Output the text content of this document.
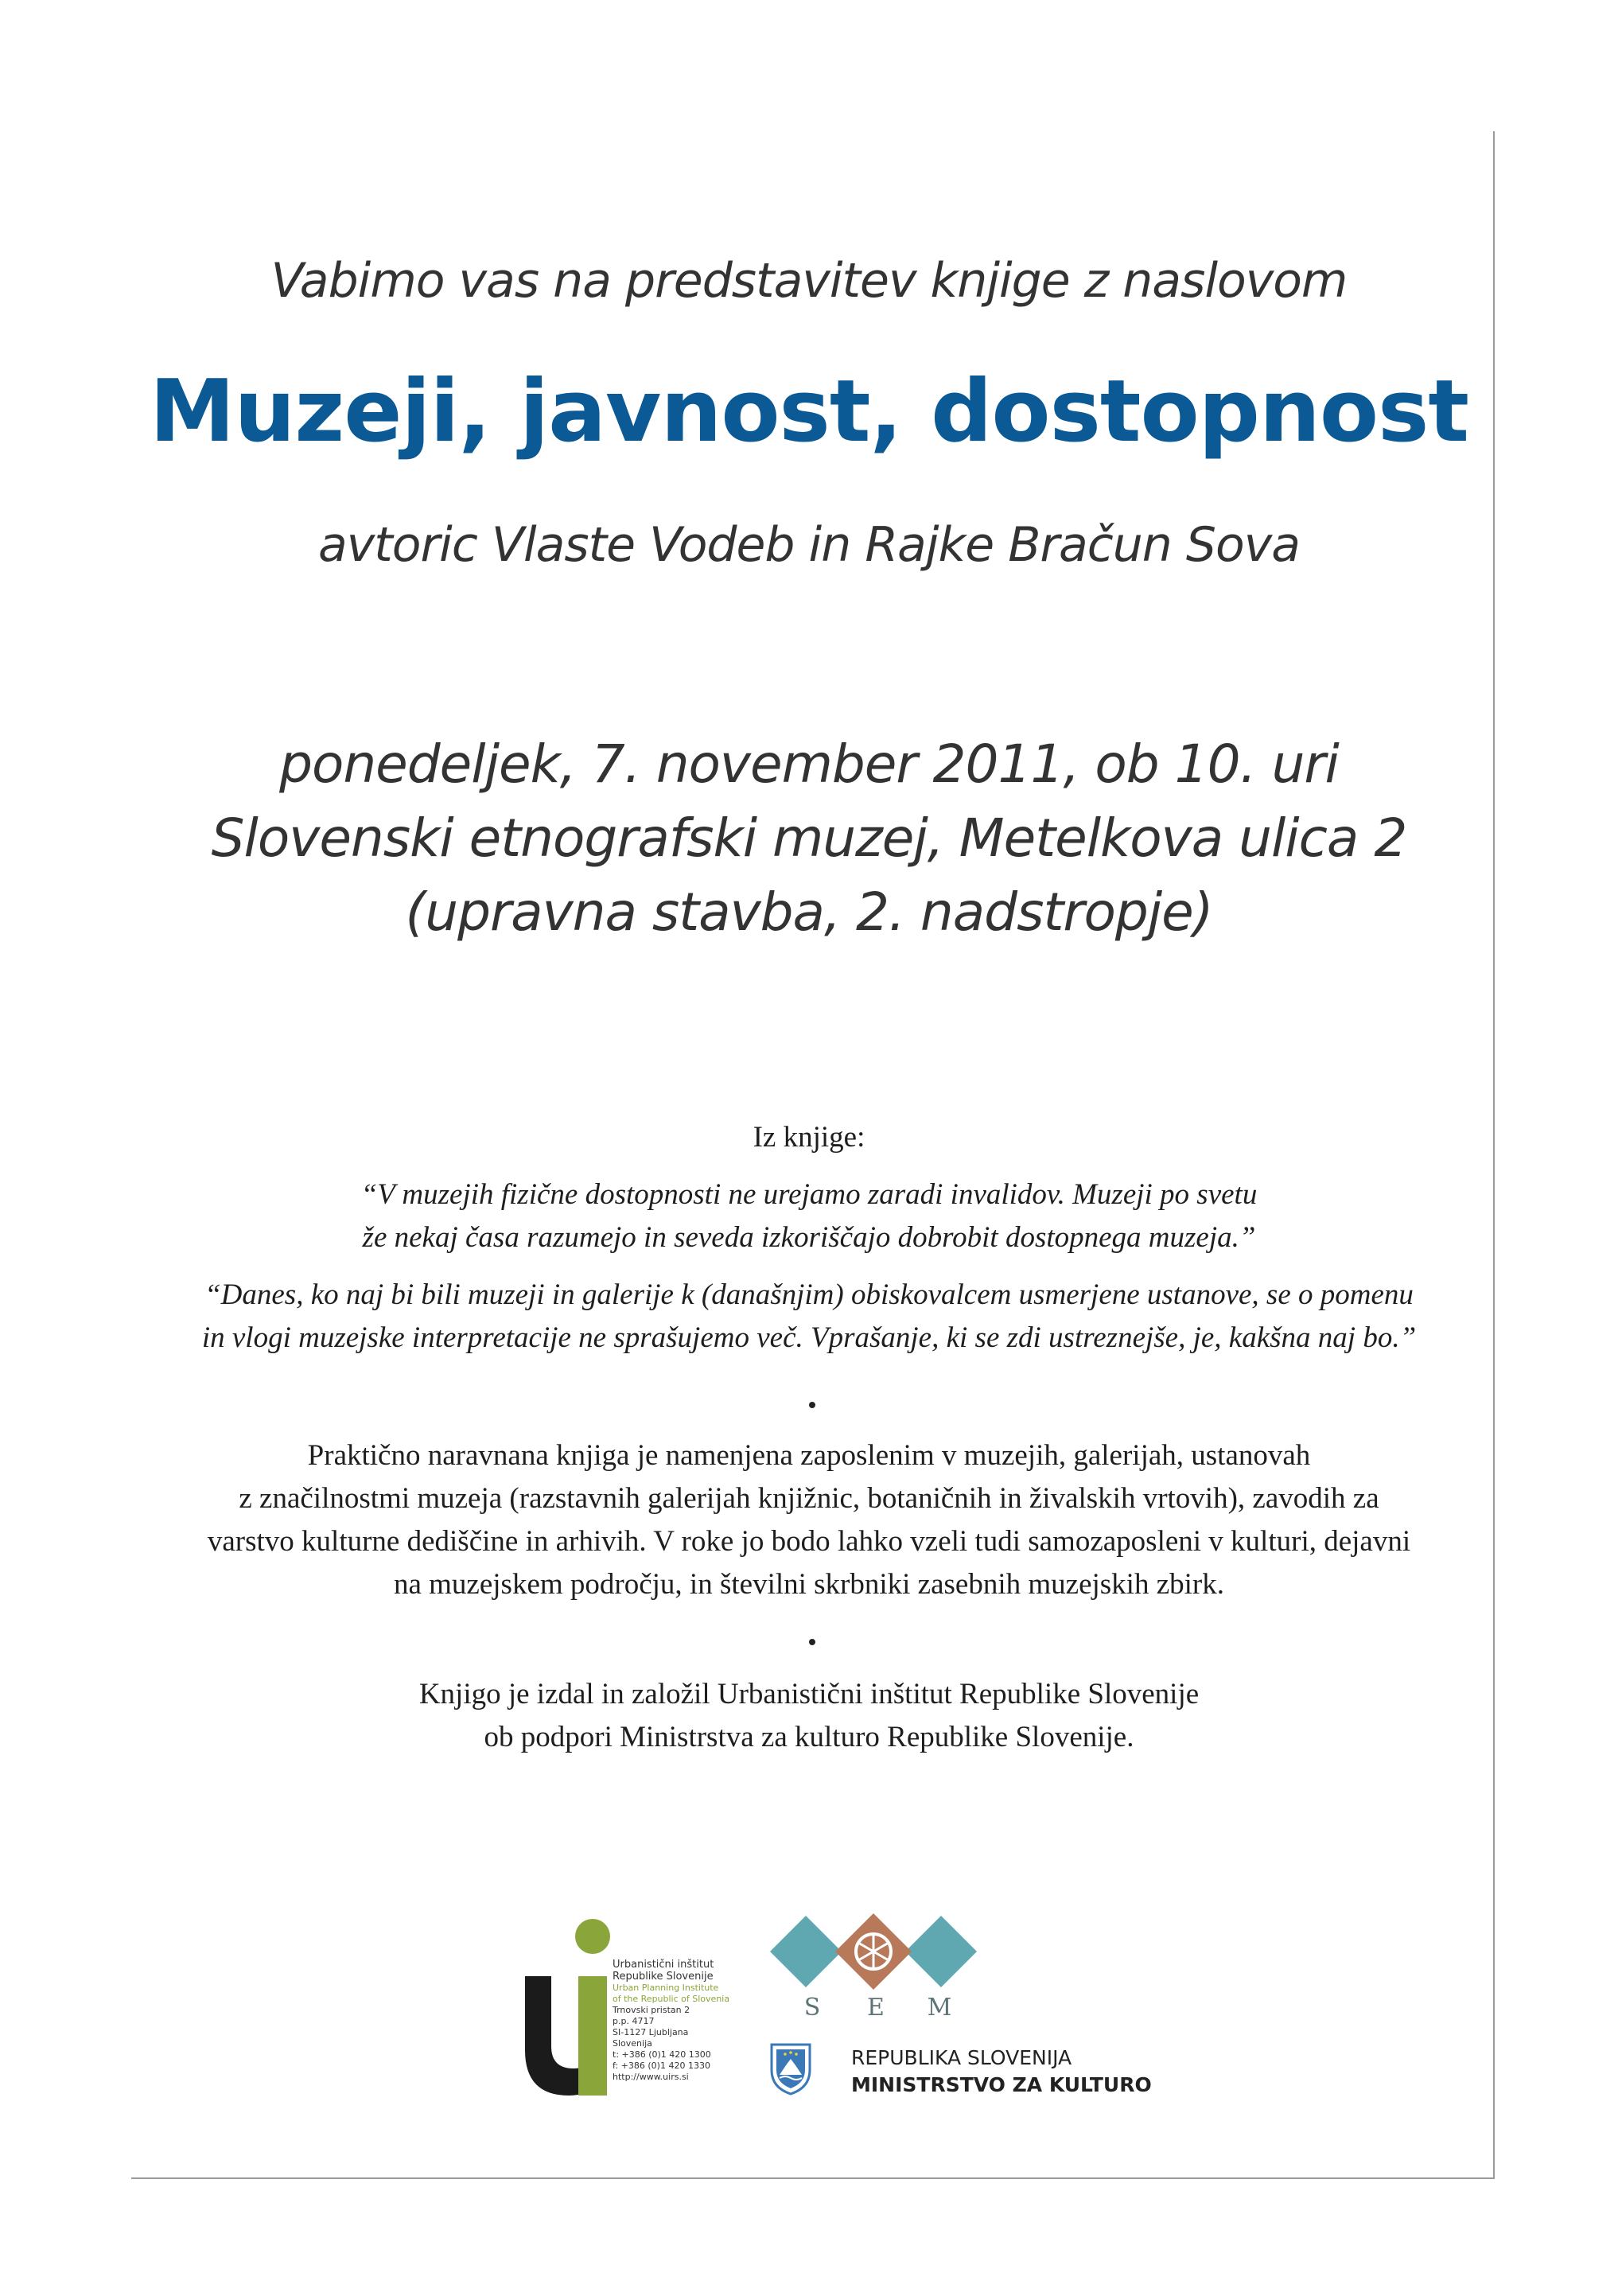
Vabimo vas na predstavitev knjige z naslovom
Muzeji, javnost, dostopnost
avtoric Vlaste Vodeb in Rajke Bračun Sova
ponedeljek, 7. november 2011, ob 10. uri
Slovenski etnografski muzej, Metelkova ulica 2
(upravna stavba, 2. nadstropje)
Iz knjige:
“V muzejih fizične dostopnosti ne urejamo zaradi invalidov. Muzeji po svetu
že nekaj časa razumejo in seveda izkoriščajo dobrobit dostopnega muzeja.”
“Danes, ko naj bi bili muzeji in galerije k (današnjim) obiskovalcem usmerjene ustanove, se o pomenu
in vlogi muzejske interpretacije ne sprašujemo več. Vprašanje, ki se zdi ustreznejše, je, kakšna naj bo.”
Praktično naravnana knjiga je namenjena zaposlenim v muzejih, galerijah, ustanovah
z značilnostmi muzeja (razstavnih galerijah knjižnic, botaničnih in živalskih vrtovih), zavodih za
varstvo kulturne dediščine in arhivih. V roke jo bodo lahko vzeli tudi samozaposleni v kulturi, dejavni
na muzejskem področju, in številni skrbniki zasebnih muzejskih zbirk.
Knjigo je izdal in založil Urbanistični inštitut Republike Slovenije
ob podpori Ministrstva za kulturo Republike Slovenije.
Urbanistični inštitut
Republike Slovenije
Urban Planning Institute
of the Republic of Slovenia
Trnovski pristan 2
p.p. 4717
SI-1127 Ljubljana
Slovenija
t: +386 (0)1 420 1300
f: +386 (0)1 420 1330
http://www.uirs.si
S	E	M
REPUBLIKA SLOVENIJA
MINISTRSTVO ZA KULTURO
